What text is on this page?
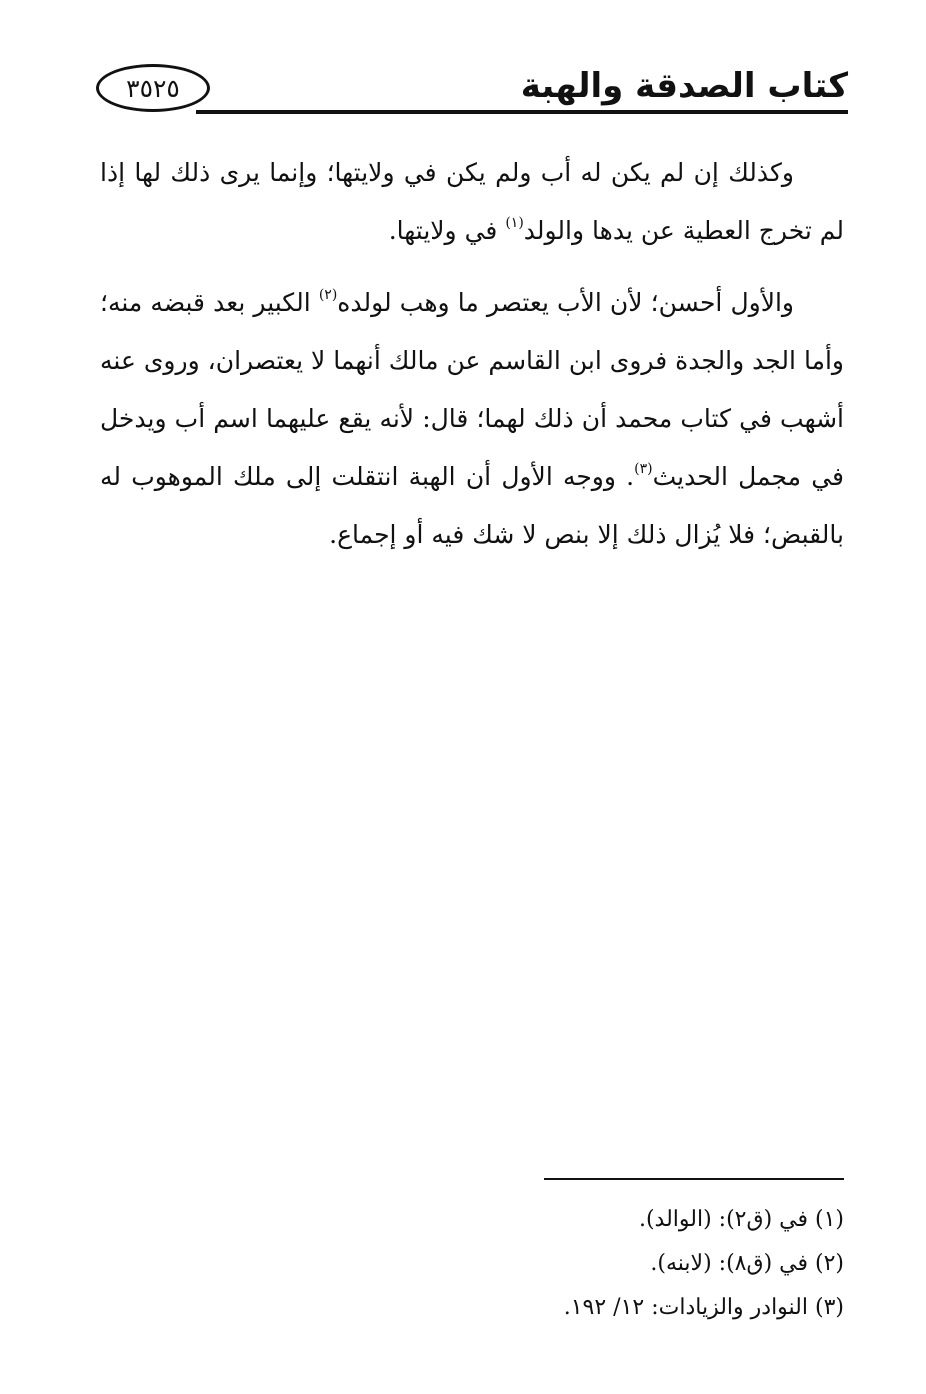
٣٥٢٥	كتاب الصدقة والهبة

وكذلك إن لم يكن له أب ولم يكن في ولايتها؛ وإنما يرى ذلك لها إذا لم تخرج العطية عن يدها والولد$^{(١)}$ في ولايتها.

والأول أحسن؛ لأن الأب يعتصر ما وهب لولده$^{(٢)}$ الكبير بعد قبضه منه؛ وأما الجد والجدة فروى ابن القاسم عن مالك أنهما لا يعتصران، وروى عنه أشهب في كتاب محمد أن ذلك لهما؛ قال: لأنه يقع عليهما اسم أب ويدخل في مجمل الحديث$^{(٣)}$. ووجه الأول أن الهبة انتقلت إلى ملك الموهوب له بالقبض؛ فلا يُزال ذلك إلا بنص لا شك فيه أو إجماع.

(١) في (ق٢): (الوالد).

(٢) في (ق٨): (لابنه).

(٣) النوادر والزيادات: ١٢/ ١٩٢.
